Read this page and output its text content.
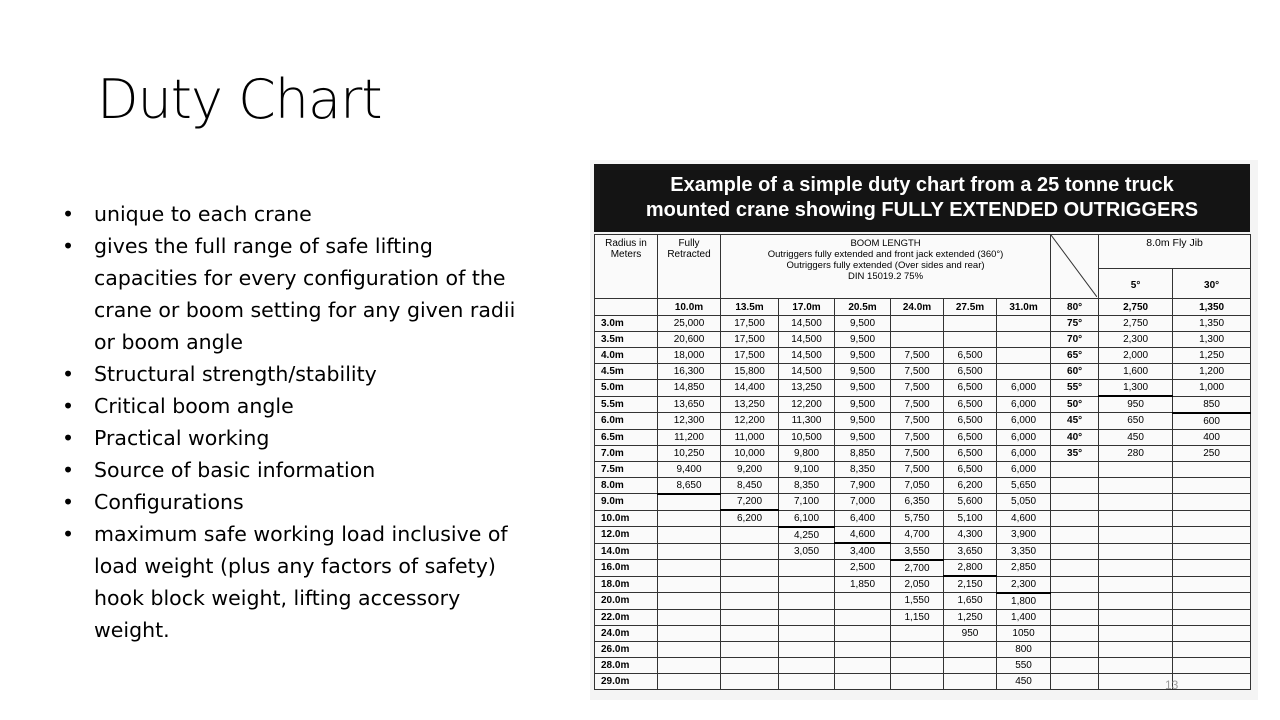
Duty Chart
• unique to each crane
• gives the full range of safe lifting capacities for every configuration of the crane or boom setting for any given radii or boom angle
• Structural strength/stability
• Critical boom angle
• Practical working
• Source of basic information
• Configurations
• maximum safe working load inclusive of load weight (plus any factors of safety) hook block weight, lifting accessory weight.
Example of a simple duty chart from a 25 tonne truck
mounted crane showing FULLY EXTENDED OUTRIGGERS
Radius in Meters	Fully Retracted	BOOM LENGTH
Outriggers fully extended and front jack extended (360°)
Outriggers fully extended (Over sides and rear)
DIN 15019.2 75%							8.0m Fly Jib	
									5°	30°
	10.0m	13.5m	17.0m	20.5m	24.0m	27.5m	31.0m	80°	2,750	1,350
3.0m	25,000	17,500	14,500	9,500				75°	2,750	1,350
3.5m	20,600	17,500	14,500	9,500				70°	2,300	1,300
4.0m	18,000	17,500	14,500	9,500	7,500	6,500		65°	2,000	1,250
4.5m	16,300	15,800	14,500	9,500	7,500	6,500		60°	1,600	1,200
5.0m	14,850	14,400	13,250	9,500	7,500	6,500	6,000	55°	1,300	1,000
5.5m	13,650	13,250	12,200	9,500	7,500	6,500	6,000	50°	950	850
6.0m	12,300	12,200	11,300	9,500	7,500	6,500	6,000	45°	650	600
6.5m	11,200	11,000	10,500	9,500	7,500	6,500	6,000	40°	450	400
7.0m	10,250	10,000	9,800	8,850	7,500	6,500	6,000	35°	280	250
7.5m	9,400	9,200	9,100	8,350	7,500	6,500	6,000			
8.0m	8,650	8,450	8,350	7,900	7,050	6,200	5,650			
9.0m		7,200	7,100	7,000	6,350	5,600	5,050			
10.0m		6,200	6,100	6,400	5,750	5,100	4,600			
12.0m			4,250	4,600	4,700	4,300	3,900			
14.0m			3,050	3,400	3,550	3,650	3,350			
16.0m				2,500	2,700	2,800	2,850			
18.0m				1,850	2,050	2,150	2,300			
20.0m					1,550	1,650	1,800			
22.0m					1,150	1,250	1,400			
24.0m						950	1050			
26.0m							800			
28.0m							550			
29.0m							450				13
